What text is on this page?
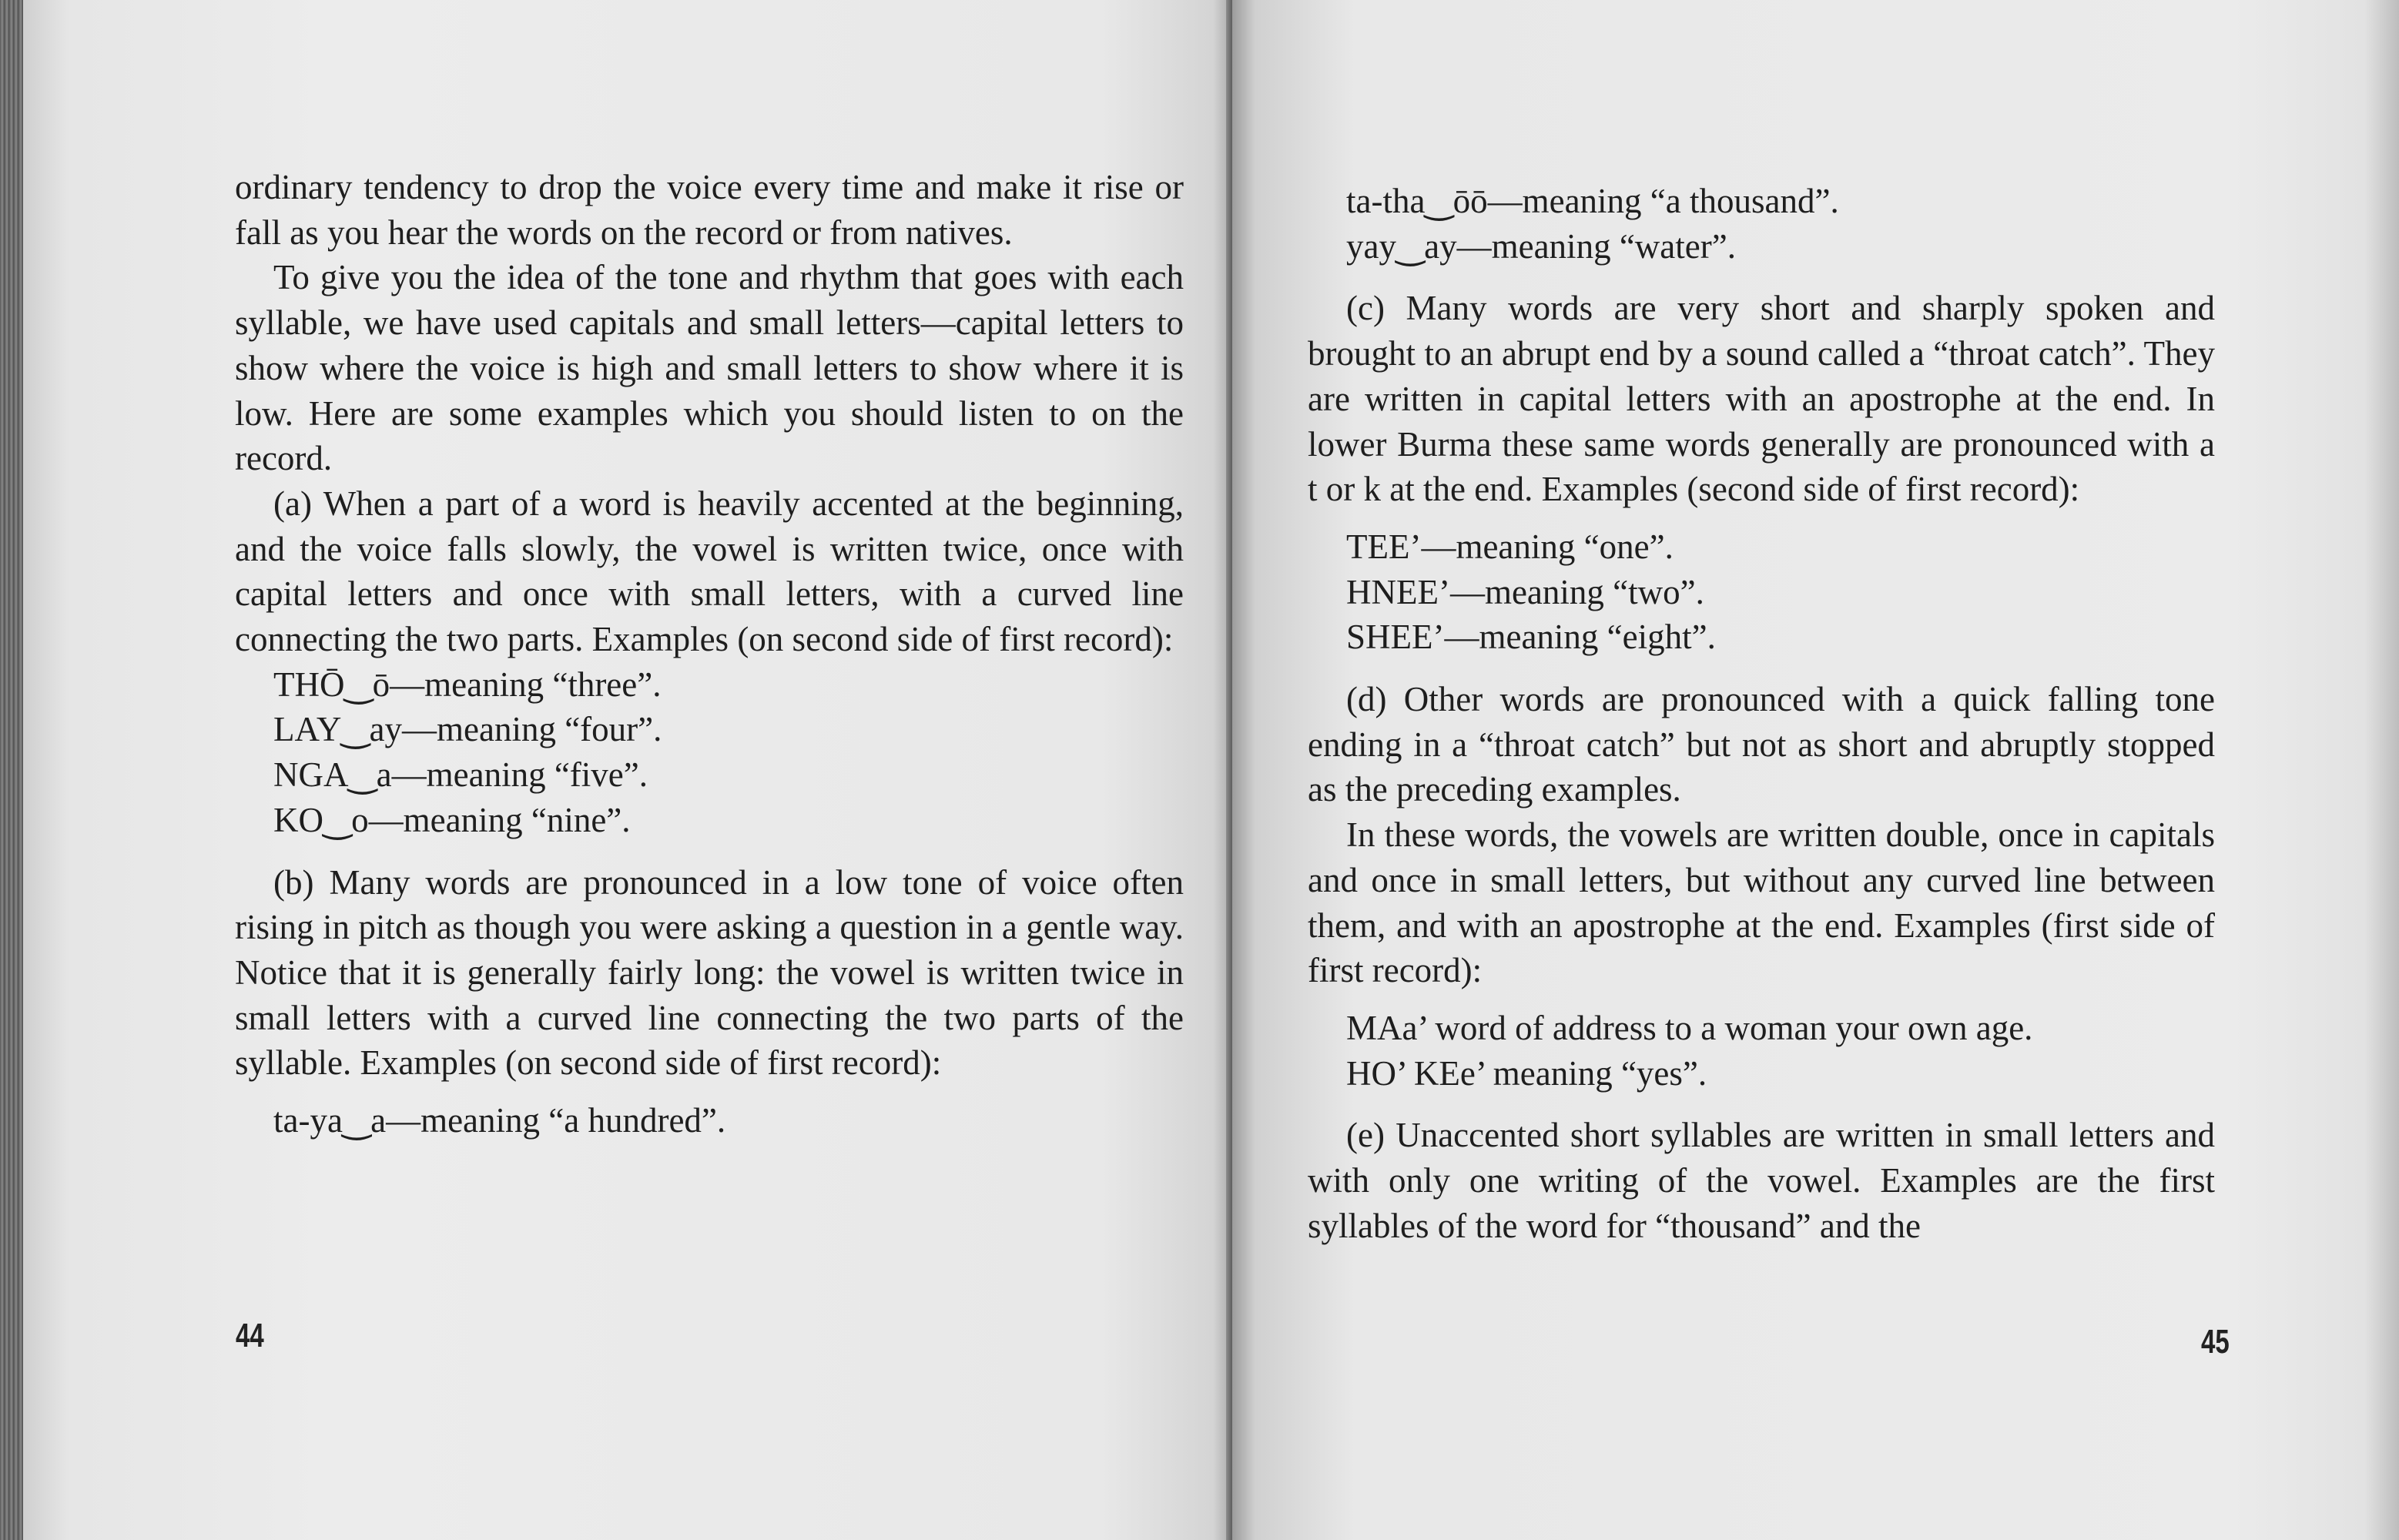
ordinary tendency to drop the voice every time and make it rise or fall as you hear the words on the record or from natives.

To give you the idea of the tone and rhythm that goes with each syllable, we have used capitals and small letters—capital letters to show where the voice is high and small letters to show where it is low. Here are some examples which you should listen to on the record.

(a) When a part of a word is heavily accented at the beginning, and the voice falls slowly, the vowel is written twice, once with capital letters and once with small letters, with a curved line connecting the two parts. Examples (on second side of first record):

THŌ‿ō—meaning “three”.

LAY‿ay—meaning “four”.

NGA‿a—meaning “five”.

KO‿o—meaning “nine”.

(b) Many words are pronounced in a low tone of voice often rising in pitch as though you were asking a question in a gentle way. Notice that it is generally fairly long: the vowel is written twice in small letters with a curved line connecting the two parts of the syllable. Examples (on second side of first record):

ta-ya‿a—meaning “a hundred”.

44

ta-tha‿ōō—meaning “a thousand”.

yay‿ay—meaning “water”.

(c) Many words are very short and sharply spoken and brought to an abrupt end by a sound called a “throat catch”. They are written in capital letters with an apostrophe at the end. In lower Burma these same words generally are pronounced with a t or k at the end. Examples (second side of first record):

TEE’—meaning “one”.

HNEE’—meaning “two”.

SHEE’—meaning “eight”.

(d) Other words are pronounced with a quick falling tone ending in a “throat catch” but not as short and abruptly stopped as the preceding examples.

In these words, the vowels are written double, once in capitals and once in small letters, but without any curved line between them, and with an apostrophe at the end. Examples (first side of first record):

MAa’ word of address to a woman your own age.

HO’ KEe’ meaning “yes”.

(e) Unaccented short syllables are written in small letters and with only one writing of the vowel. Examples are the first syllables of the word for “thousand” and the

45
